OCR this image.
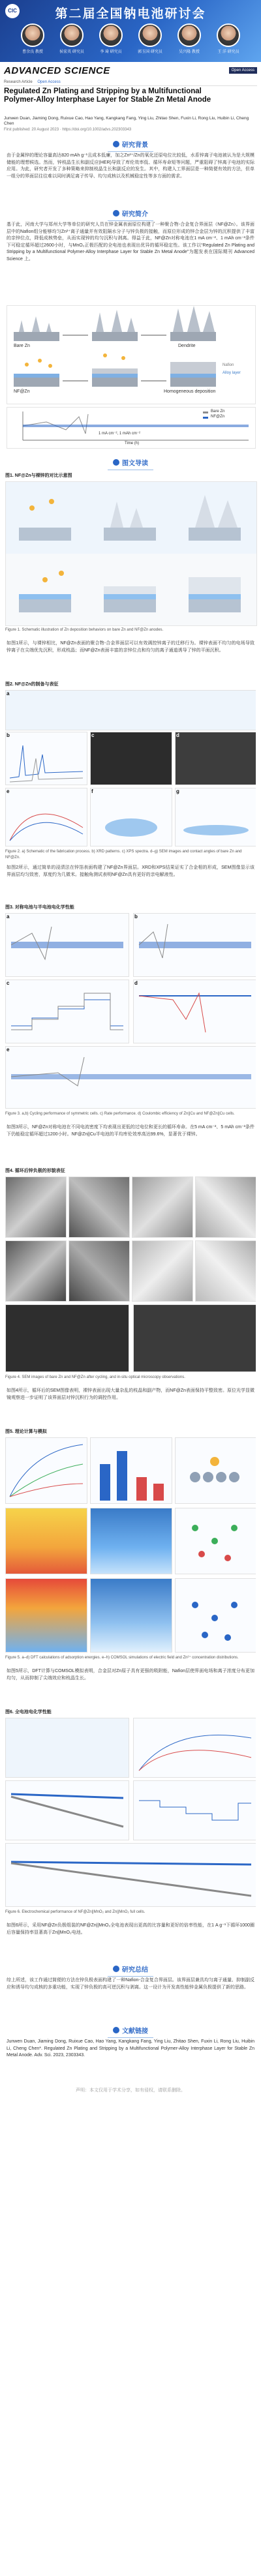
CIC	第二届全国钠电池研讨会
曹余良 教授	侯宏英 研究员	李 琦 研究员	郭玉国 研究员	吴兴隆 教授	王 洋 研究员
ADVANCED SCIENCE	Open Access
Research Article Open Access
Regulated Zn Plating and Stripping by a Multifunctional Polymer-Alloy Interphase Layer for Stable Zn Metal Anode
Junwen Duan, Jiaming Dong, Ruixue Cao, Hao Yang, Kangkang Fang, Ying Liu, Zhitao Shen, Fuxin Li, Rong Liu, Huibin Li, Cheng Chen
First published: 20 August 2023 · https://doi.org/10.1002/advs.202303343
研究背景
由于金属锌的理论容量高达820 mAh g⁻¹且成本低廉，加之Zn²⁺/Zn的氧化还原电位比较低，水系锌离子电池被认为是大规模储能的理想候选。然而，锌枝晶生长和副反应(HER)导致了库伦效率低、循环寿命短等问题，严重阻碍了锌离子电池的实际应用。为此，研究者开发了多种策略来抑制枝晶生长和副反应的发生。其中，构建人工界面层是一种简便有效的方法，但单一组分的界面层往往难以同时满足离子传导、均匀成核以及机械稳定性等多方面的需求。
研究简介
基于此，河南大学与郑州大学等单位的研究人员在锌金属表面原位构建了一种聚合物-合金复合界面层（NF@Zn）。该界面层中的Nafion组分能够均匀Zn²⁺离子通量并有效阻隔水分子与锌负极的接触，而原位形成的锌合金层为锌的沉积提供了丰富的亲锌位点，降低成核势垒，从而实现锌的均匀沉积与剥离。得益于此，NF@Zn对称电池在1 mA cm⁻²、1 mAh cm⁻²条件下可稳定循环超过2600小时，与MnO₂正极匹配的全电池也表现出优异的循环稳定性。该工作以“Regulated Zn Plating and Stripping by a Multifunctional Polymer-Alloy Interphase Layer for Stable Zn Metal Anode”为题发表在国际期刊 Advanced Science 上。
Bare Zn
NF@Zn
Dendrite
Homogeneous deposition
Alloy layer
Nafion
Bare Zn
NF@Zn
Time (h)
1 mA cm⁻², 1 mAh cm⁻²
图文导读
图1. NF@Zn与裸锌的对比示意图
Figure 1. Schematic illustration of Zn deposition behaviors on bare Zn and NF@Zn anodes.
如图1所示，与裸锌相比，NF@Zn表面的聚合物-合金界面层可以有效调控锌离子的迁移行为。裸锌表面不均匀的电场导致锌离子在尖端优先沉积，形成枝晶；而NF@Zn表面丰富的亲锌位点和均匀的离子通道诱导了锌的平面沉积。
图2. NF@Zn的制备与表征
a
b	c	d
e	f	g
Figure 2. a) Schematic of the fabrication process. b) XRD patterns. c) XPS spectra. d–g) SEM images and contact angles of bare Zn and NF@Zn.
如图2所示，通过简单的浸渍法在锌箔表面构建了NF@Zn界面层。XRD和XPS结果证实了合金相的形成，SEM图像显示该界面层均匀致密，厚度约为几微米。接触角测试表明NF@Zn具有更好的亲电解液性。
图3. 对称电池与半电池电化学性能
a	b
c	d
e
Figure 3. a,b) Cycling performance of symmetric cells. c) Rate performance. d) Coulombic efficiency of Zn||Cu and NF@Zn||Cu cells.
如图3所示，NF@Zn对称电池在不同电流密度下均表现出更低的过电位和更长的循环寿命。在5 mA cm⁻²、5 mAh cm⁻²条件下仍能稳定循环超过1200小时。NF@Zn||Cu半电池的平均库伦效率高达99.6%，显著优于裸锌。
图4. 循环后锌负极的形貌表征
Figure 4. SEM images of bare Zn and NF@Zn after cycling, and in-situ optical microscopy observations.
如图4所示，循环后的SEM图像表明，裸锌表面出现大量杂乱的枝晶和副产物，而NF@Zn表面保持平整致密。原位光学显微镜观察进一步证明了该界面层对锌沉积行为的调控作用。
图5. 理论计算与模拟
Figure 5. a–d) DFT calculations of adsorption energies. e–h) COMSOL simulations of electric field and Zn²⁺ concentration distributions.
如图5所示，DFT计算与COMSOL模拟表明，合金层对Zn原子具有更强的吸附能，Nafion层使界面电场和离子浓度分布更加均匀，从而抑制了尖端效应和枝晶生长。
图6. 全电池电化学性能
Figure 6. Electrochemical performance of NF@Zn||MnO₂ and Zn||MnO₂ full cells.
如图6所示，采用NF@Zn负极组装的NF@Zn||MnO₂全电池表现出更高的比容量和更好的倍率性能，在1 A g⁻¹下循环1000圈后容量保持率显著高于Zn||MnO₂电池。
研究总结
综上所述，该工作通过简便的方法在锌负极表面构建了一种Nafion-合金复合界面层。该界面层兼具均匀离子通量、抑制副反应和诱导均匀成核的多重功能，实现了锌负极的高可逆沉积与剥离。这一设计为开发高性能锌金属负极提供了新的思路。
文献链接
Junwen Duan, Jiaming Dong, Ruixue Cao, Hao Yang, Kangkang Fang, Ying Liu, Zhitao Shen, Fuxin Li, Rong Liu, Huibin Li, Cheng Chen*. Regulated Zn Plating and Stripping by a Multifunctional Polymer-Alloy Interphase Layer for Stable Zn Metal Anode. Adv. Sci. 2023, 2303343.
声明：本文仅用于学术分享，如有侵权，请联系删除。
